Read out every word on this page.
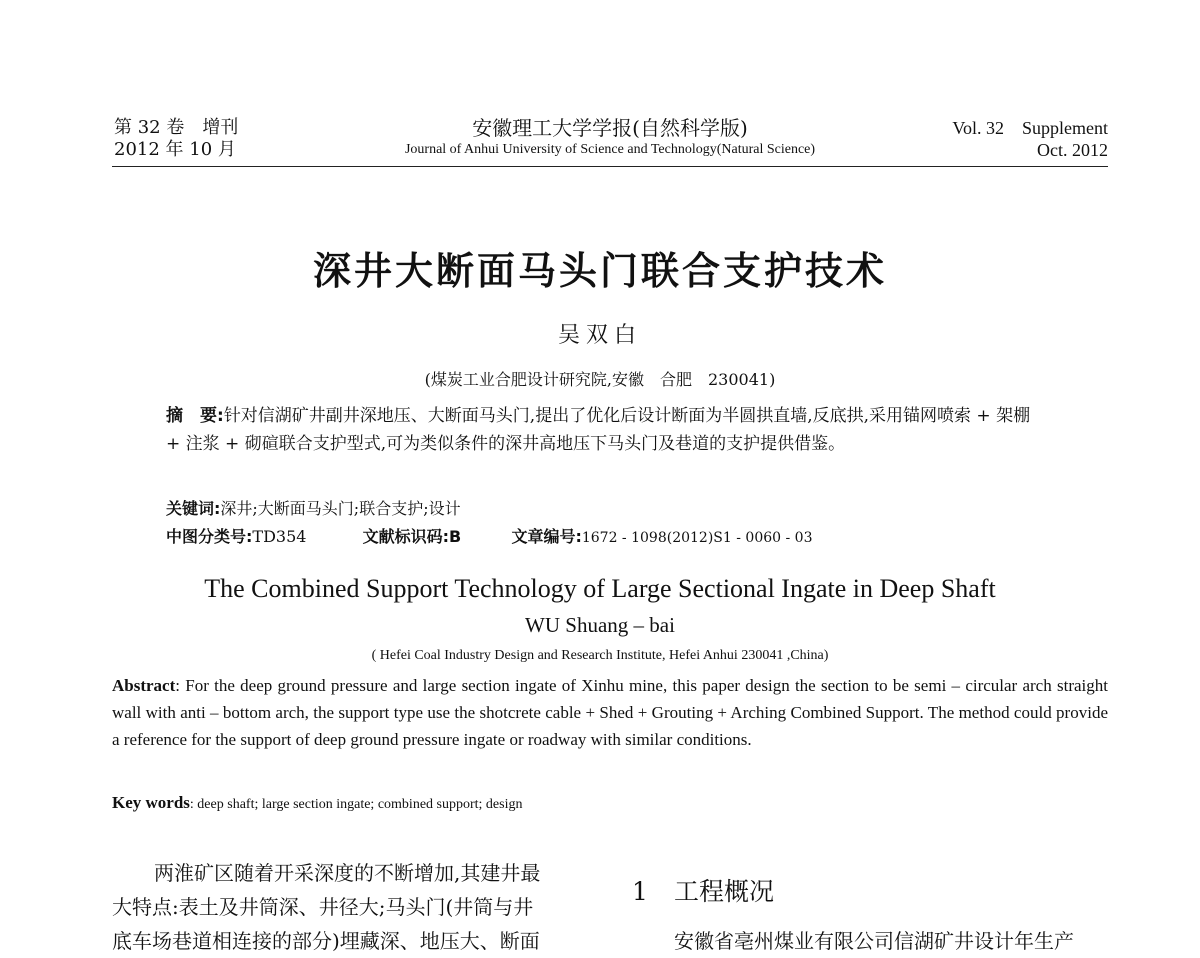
第 32 卷　增刊
2012 年 10 月
安徽理工大学学报(自然科学版)
Journal of Anhui University of Science and Technology(Natural Science)
Vol. 32　Supplement
Oct. 2012
深井大断面马头门联合支护技术
吴双白
(煤炭工业合肥设计研究院,安徽　合肥　230041)
摘　要:针对信湖矿井副井深地压、大断面马头门,提出了优化后设计断面为半圆拱直墙,反底拱,采用锚网喷索 + 架棚 + 注浆 + 砌碹联合支护型式,可为类似条件的深井高地压下马头门及巷道的支护提供借鉴。
关键词:深井;大断面马头门;联合支护;设计
中图分类号:TD354	文献标识码:B	文章编号:1672 - 1098(2012)S1 - 0060 - 03
The Combined Support Technology of Large Sectional Ingate in Deep Shaft
WU Shuang – bai
( Hefei Coal Industry Design and Research Institute, Hefei Anhui 230041 ,China)
Abstract: For the deep ground pressure and large section ingate of Xinhu mine, this paper design the section to be semi – circular arch straight wall with anti – bottom arch, the support type use the shotcrete cable + Shed + Grouting + Arching Combined Support. The method could provide a reference for the support of deep ground pressure ingate or roadway with similar conditions.
Key words: deep shaft; large section ingate; combined support; design
两淮矿区随着开采深度的不断增加,其建井最
大特点:表土及井筒深、井径大;马头门(井筒与井
底车场巷道相连接的部分)埋藏深、地压大、断面
1 工程概况
安徽省亳州煤业有限公司信湖矿井设计年生产
